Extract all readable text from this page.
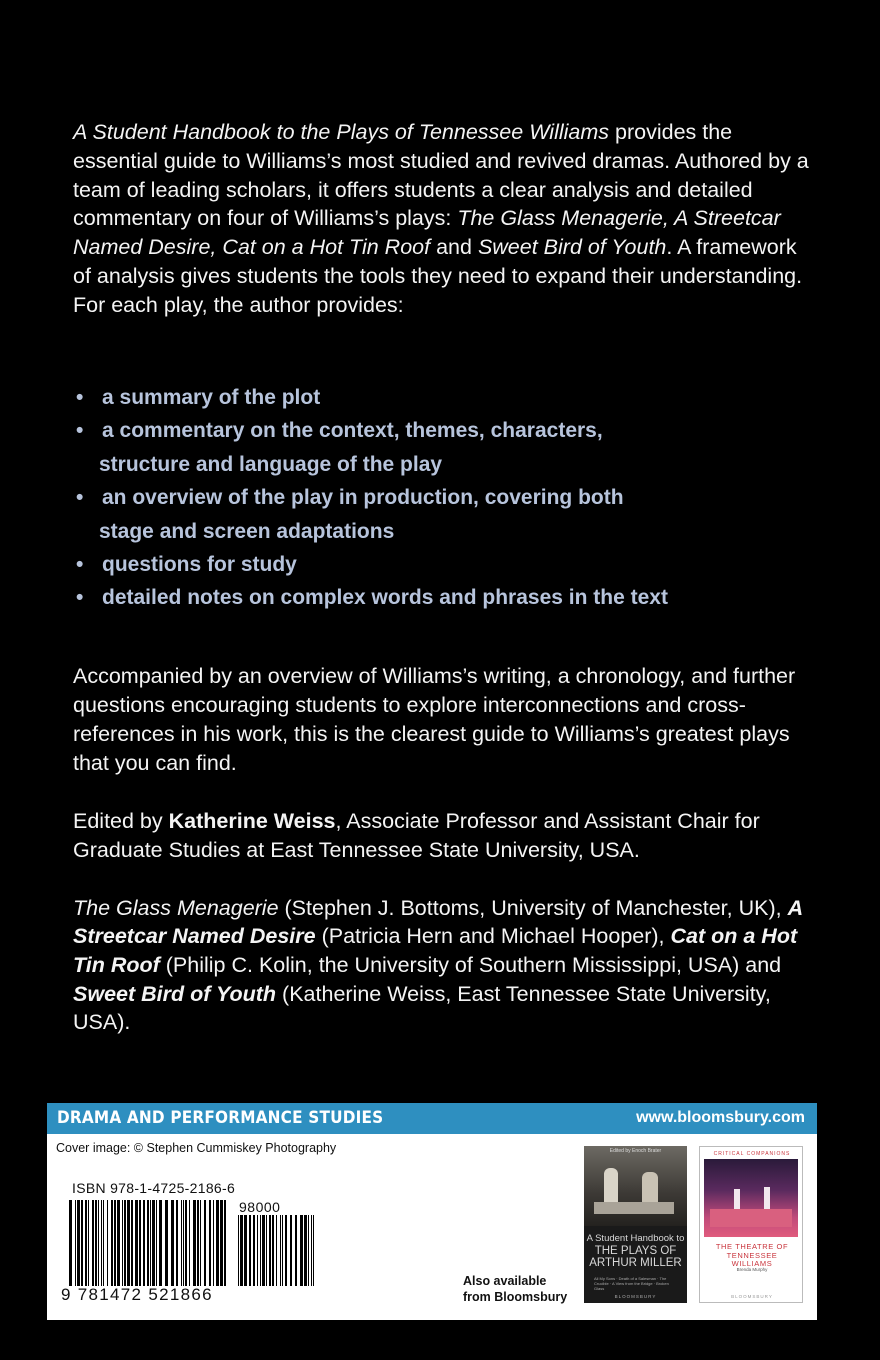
A Student Handbook to the Plays of Tennessee Williams provides the essential guide to Williams’s most studied and revived dramas. Authored by a team of leading scholars, it offers students a clear analysis and detailed commentary on four of Williams’s plays: The Glass Menagerie, A Streetcar Named Desire, Cat on a Hot Tin Roof and Sweet Bird of Youth. A framework of analysis gives students the tools they need to expand their understanding.

For each play, the author provides:

• a summary of the plot
• a commentary on the context, themes, characters,
structure and language of the play
• an overview of the play in production, covering both
stage and screen adaptations
• questions for study
• detailed notes on complex words and phrases in the text

Accompanied by an overview of Williams’s writing, a chronology, and further questions encouraging students to explore interconnections and cross-references in his work, this is the clearest guide to Williams’s greatest plays that you can find.

Edited by Katherine Weiss, Associate Professor and Assistant Chair for Graduate Studies at East Tennessee State University, USA.

The Glass Menagerie (Stephen J. Bottoms, University of Manchester, UK), A Streetcar Named Desire (Patricia Hern and Michael Hooper), Cat on a Hot Tin Roof (Philip C. Kolin, the University of Southern Mississippi, USA) and Sweet Bird of Youth (Katherine Weiss, East Tennessee State University, USA).

DRAMA AND PERFORMANCE STUDIES	www.bloomsbury.com
Cover image: © Stephen Cummiskey Photography
ISBN 978-1-4725-2186-6
98000
9 781472 521866
Also available
from Bloomsbury
Edited by Enoch Brater
A Student Handbook to
THE PLAYS OF
ARTHUR MILLER
All My Sons · Death of a Salesman · The Crucible · A View from the Bridge · Broken Glass
BLOOMSBURY
CRITICAL COMPANIONS
THE THEATRE OF
TENNESSEE
WILLIAMS
Brenda Murphy
BLOOMSBURY
